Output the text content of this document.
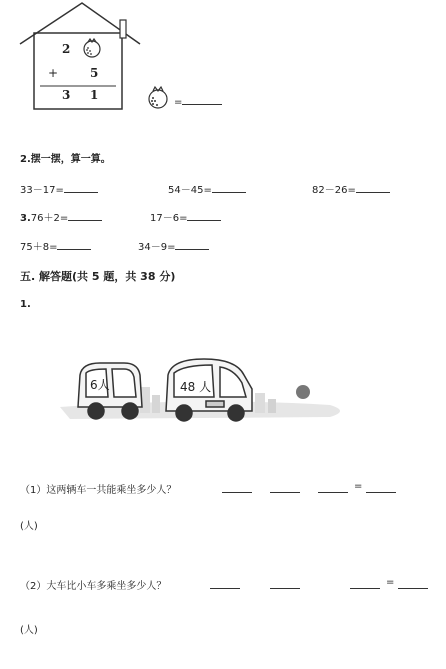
2
+	5
3 1
=
2.摆一摆，算一算。
33－17=	54－45=	82－26=
3.76＋2=	17－6=
75＋8=	34－9=
五. 解答题(共 5 题，共 38 分)
1.
6人	48 人
（1）这两辆车一共能乘坐多少人？	=
(人)
（2）大车比小车多乘坐多少人？	=
(人)
